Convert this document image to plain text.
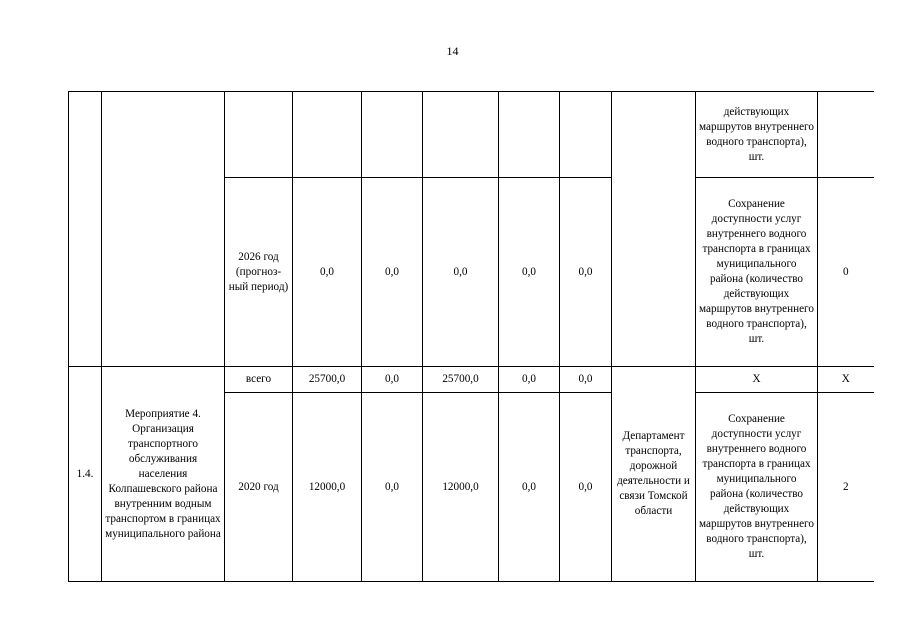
14
									действующих маршрутов внутреннего водного транспорта), шт.	
		2026 год (прогноз-ный период)	0,0	0,0	0,0	0,0	0,0		Сохранение доступности услуг внутреннего водного транспорта в границах муниципального района (количество действующих маршрутов внутреннего водного транспорта), шт.	0
1.4.	Мероприятие 4. Организация транспортного обслуживания населения Колпашевского района внутренним водным транспортом в границах муниципального района	всего	25700,0	0,0	25700,0	0,0	0,0	Департамент транспорта, дорожной деятельности и связи Томской области	X	X
		2020 год	12000,0	0,0	12000,0	0,0	0,0		Сохранение доступности услуг внутреннего водного транспорта в границах муниципального района (количество действующих маршрутов внутреннего водного транспорта), шт.	2
